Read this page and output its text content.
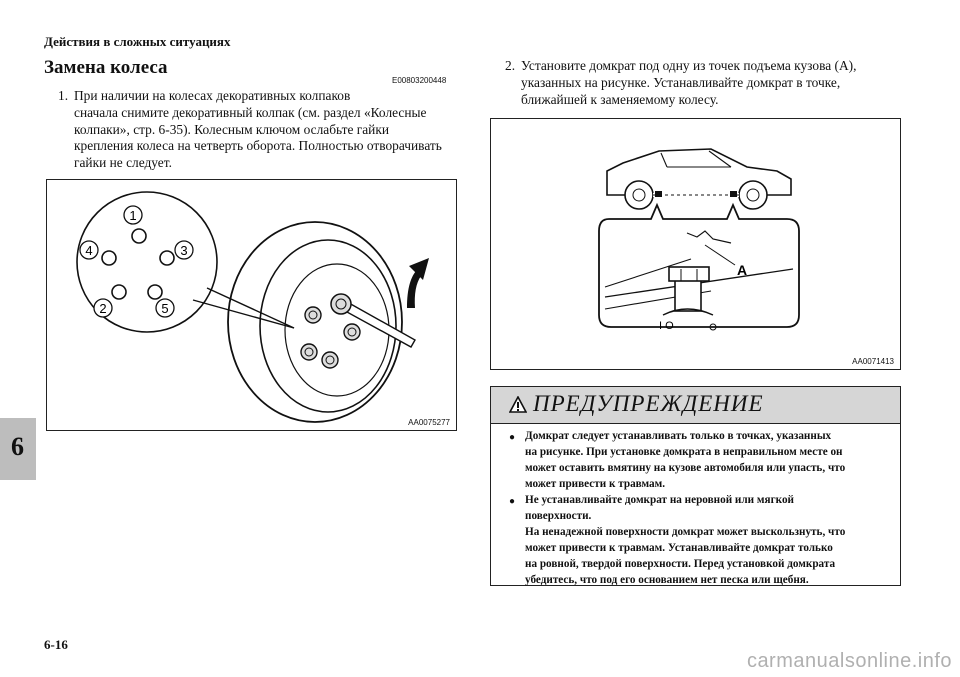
Действия в сложных ситуациях
Замена колеса
E00803200448
6
1. При наличии на колесах декоративных колпаков
сначала снимите декоративный колпак (см. раздел «Колесные
колпаки», стр. 6-35). Колесным ключом ослабьте гайки
крепления колеса на четверть оборота. Полностью отворачивать
гайки не следует.
2. Установите домкрат под одну из точек подъема кузова (A),
указанных на рисунке. Устанавливайте домкрат в точке,
ближайшей к заменяемому колесу.
1
4	3
2	5
AA0075277
A
I O
AA0071413
ПРЕДУПРЕЖДЕНИЕ
● Домкрат следует устанавливать только в точках, указанных
на рисунке. При установке домкрата в неправильном месте он
может оставить вмятину на кузове автомобиля или упасть, что
может привести к травмам.
● Не устанавливайте домкрат на неровной или мягкой
поверхности.
На ненадежной поверхности домкрат может выскользнуть, что
может привести к травмам. Устанавливайте домкрат только
на ровной, твердой поверхности. Перед установкой домкрата
убедитесь, что под его основанием нет песка или щебня.
6-16
carmanualsonline.info
